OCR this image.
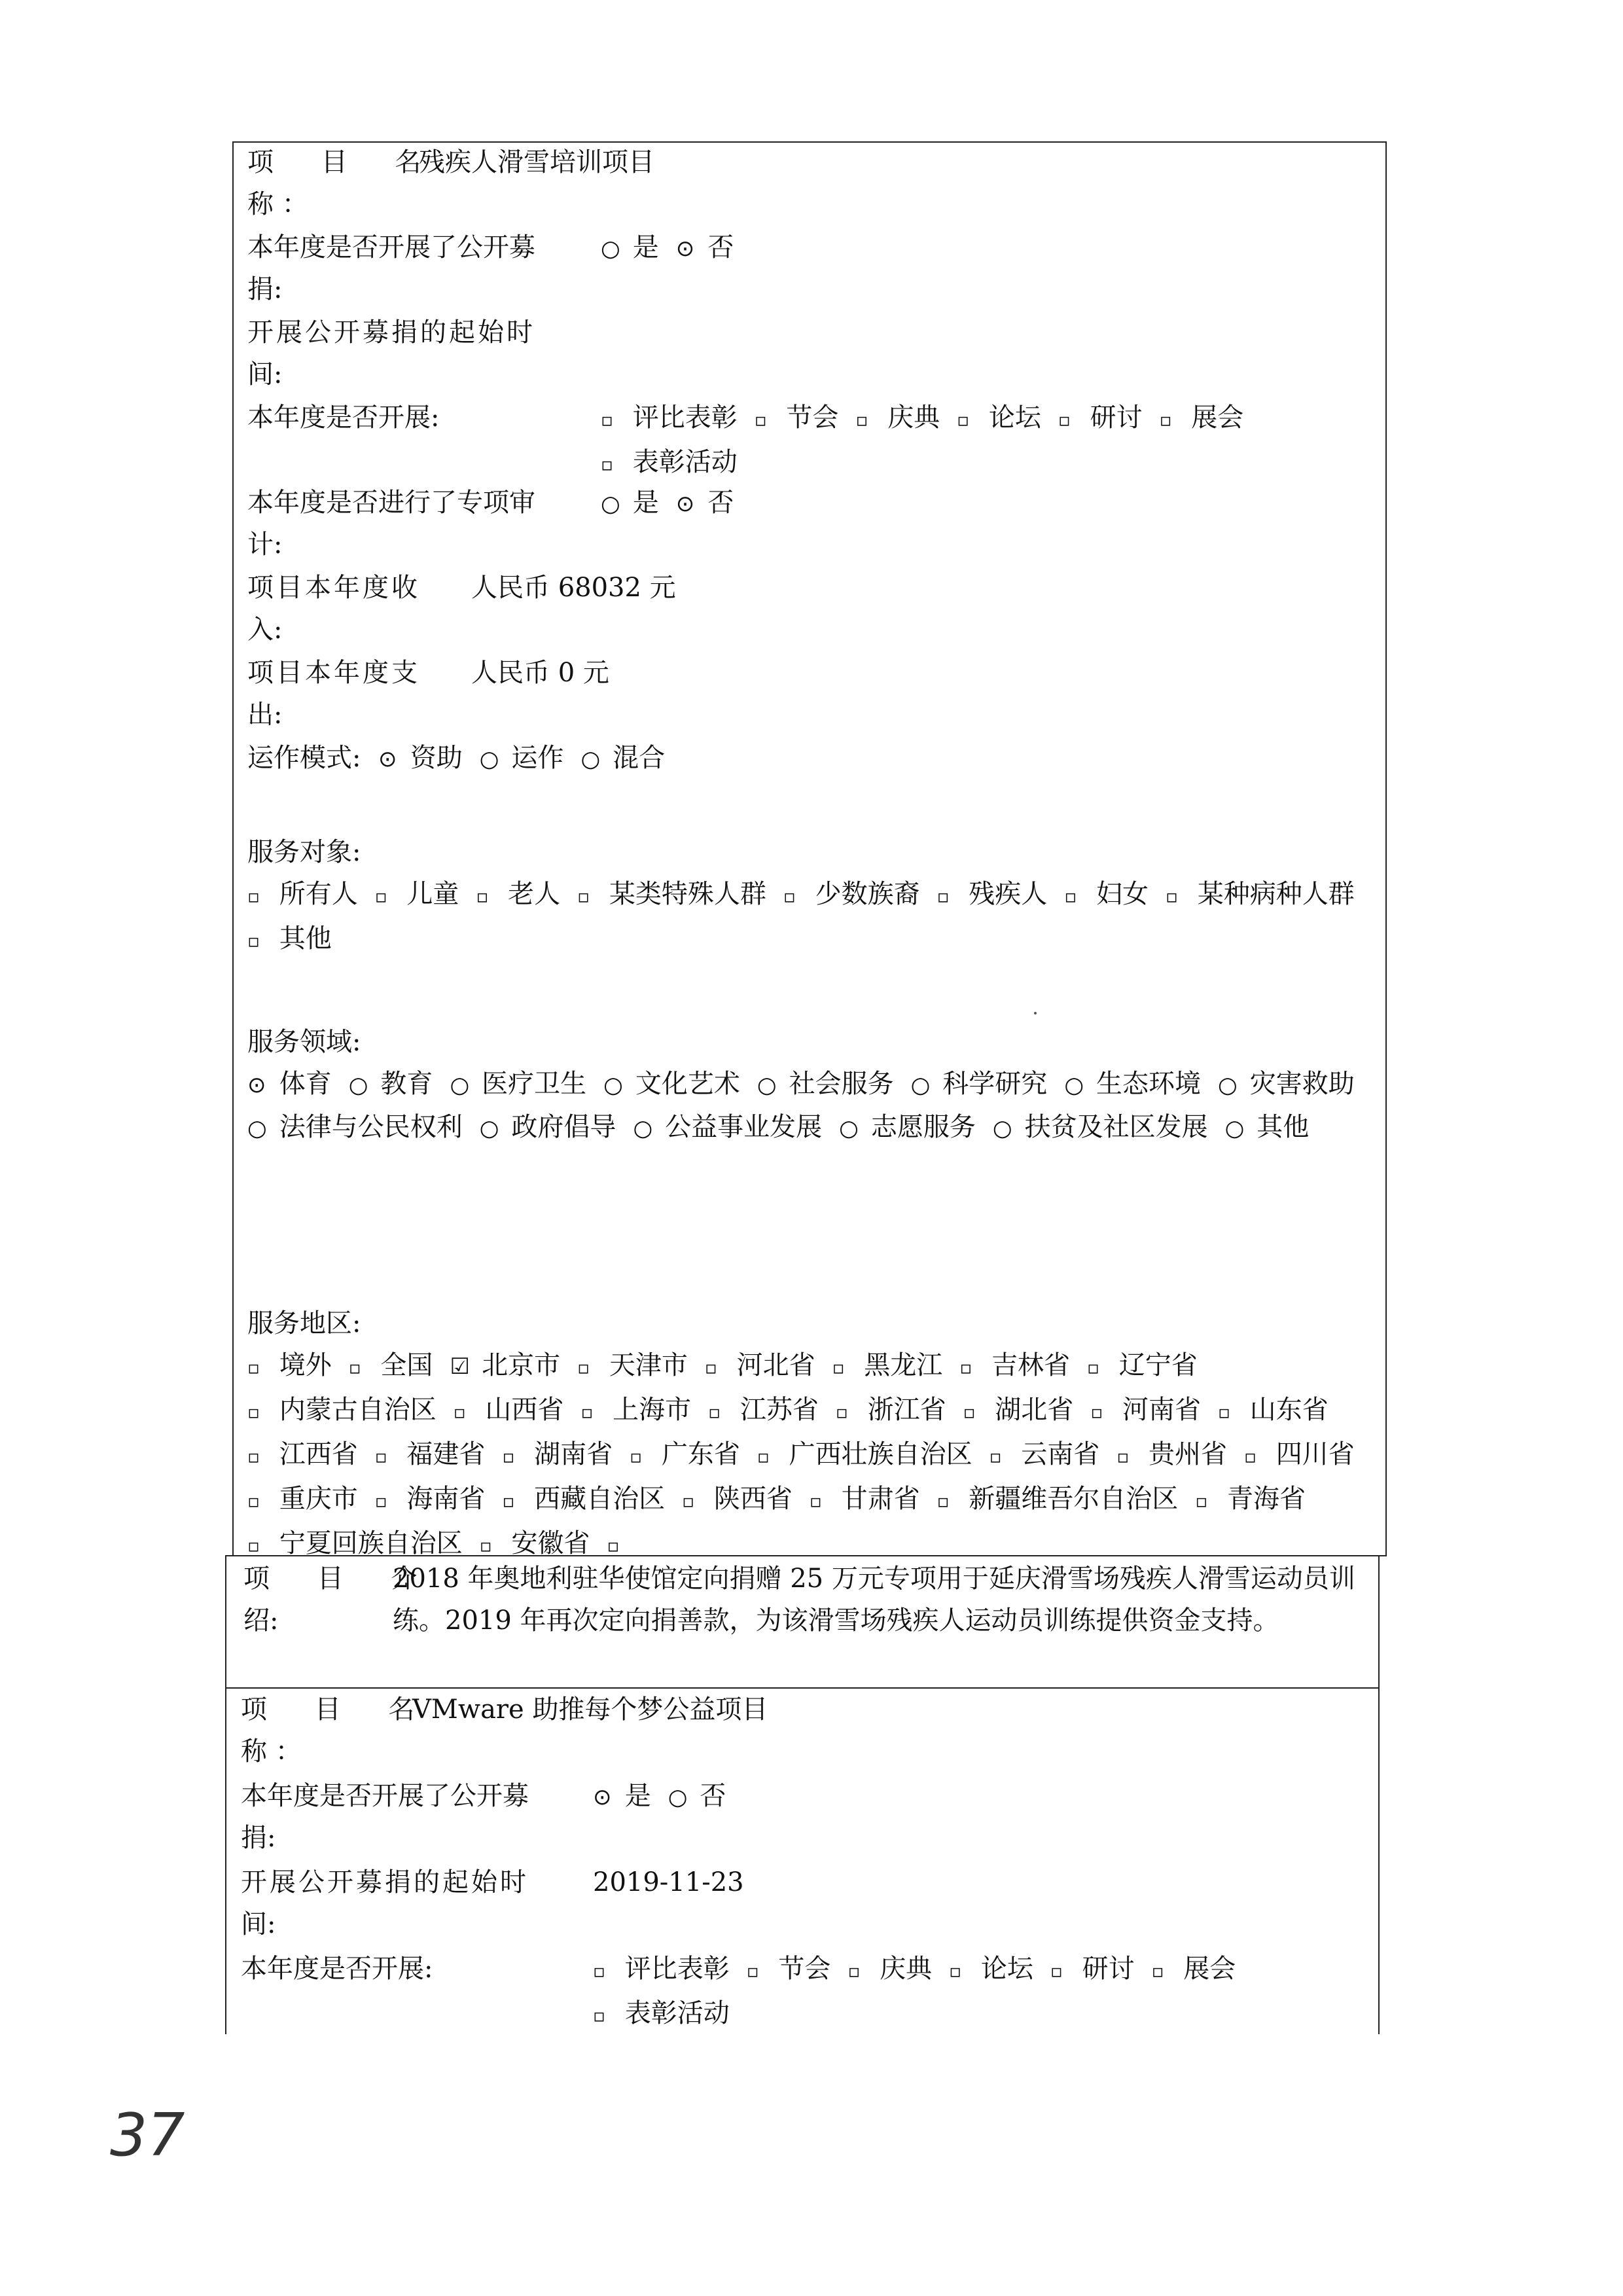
项 目 名
称 ：
残疾人滑雪培训项目
本年度是否开展了公开募
捐:
○ 是 ⊙ 否
开展公开募捐的起始时
间:
本年度是否开展:	▫ 评比表彰 ▫ 节会 ▫ 庆典 ▫ 论坛 ▫ 研讨 ▫ 展会▫ 表彰活动
本年度是否进行了专项审
计:
○ 是 ⊙ 否
项目本年度收
入:
人民币 68032 元
项目本年度支
出:
人民币 0 元
运作模式: ⊙ 资助 ○ 运作 ○ 混合
服务对象:
▫ 所有人 ▫ 儿童 ▫ 老人 ▫ 某类特殊人群 ▫ 少数族裔 ▫ 残疾人 ▫ 妇女 ▫ 某种病种人群▫ 其他
服务领域:
⊙ 体育 ○ 教育 ○ 医疗卫生 ○ 文化艺术 ○ 社会服务 ○ 科学研究 ○ 生态环境 ○ 灾害救助○ 法律与公民权利 ○ 政府倡导 ○ 公益事业发展 ○ 志愿服务 ○ 扶贫及社区发展 ○ 其他
服务地区:
▫ 境外 ▫ 全国 ☑ 北京市 ▫ 天津市 ▫ 河北省 ▫ 黑龙江 ▫ 吉林省 ▫ 辽宁省▫ 内蒙古自治区 ▫ 山西省 ▫ 上海市 ▫ 江苏省 ▫ 浙江省 ▫ 湖北省 ▫ 河南省 ▫ 山东省▫ 江西省 ▫ 福建省 ▫ 湖南省 ▫ 广东省 ▫ 广西壮族自治区 ▫ 云南省 ▫ 贵州省 ▫ 四川省▫ 重庆市 ▫ 海南省 ▫ 西藏自治区 ▫ 陕西省 ▫ 甘肃省 ▫ 新疆维吾尔自治区 ▫ 青海省▫ 宁夏回族自治区 ▫ 安徽省 ▫
项 目 介
绍:
2018 年奥地利驻华使馆定向捐赠 25 万元专项用于延庆滑雪场残疾人滑雪运动员训练。2019 年再次定向捐善款，为该滑雪场残疾人运动员训练提供资金支持。
项 目 名
称 ：
VMware 助推每个梦公益项目
本年度是否开展了公开募
捐:
⊙ 是 ○ 否
开展公开募捐的起始时
间:
2019-11-23
本年度是否开展:	▫ 评比表彰 ▫ 节会 ▫ 庆典 ▫ 论坛 ▫ 研讨 ▫ 展会▫ 表彰活动
37
